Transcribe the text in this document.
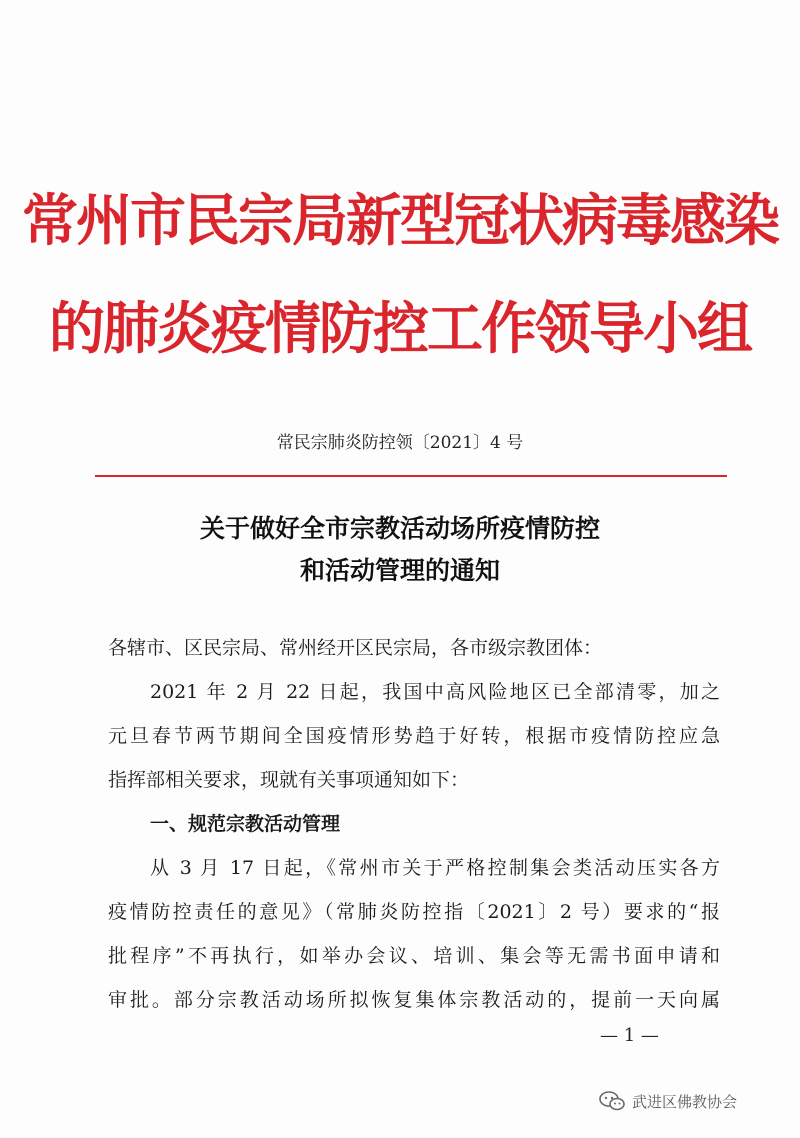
常州市民宗局新型冠状病毒感染
的肺炎疫情防控工作领导小组
常民宗肺炎防控领〔2021〕4 号
关于做好全市宗教活动场所疫情防控
和活动管理的通知
各辖市、区民宗局、常州经开区民宗局，各市级宗教团体：
2021 年 2 月 22 日起，我国中高风险地区已全部清零，加之
元旦春节两节期间全国疫情形势趋于好转，根据市疫情防控应急
指挥部相关要求，现就有关事项通知如下：
一、规范宗教活动管理
从 3 月 17 日起，《常州市关于严格控制集会类活动压实各方
疫情防控责任的意见》（常肺炎防控指〔2021〕2 号）要求的“报
批程序”不再执行，如举办会议、培训、集会等无需书面申请和
审批。部分宗教活动场所拟恢复集体宗教活动的，提前一天向属
— 1 —
武进区佛教协会
